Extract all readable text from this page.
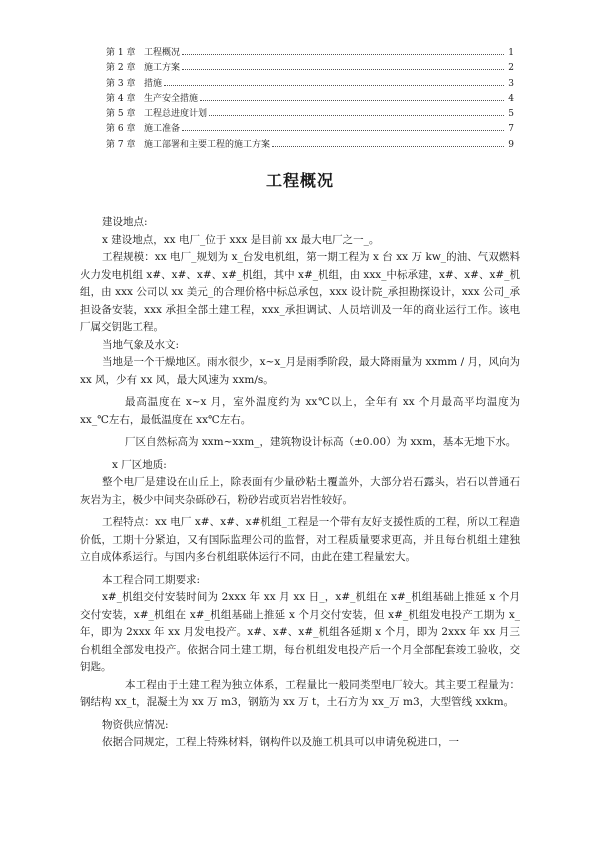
第 1 章 工程概况	1
第 2 章 施工方案	2
第 3 章 措施	3
第 4 章 生产安全措施	4
第 5 章 工程总进度计划	5
第 6 章 施工准备	7
第 7 章 施工部署和主要工程的施工方案	9
工程概况

建设地点:

x 建设地点，xx 电厂_位于 xxx 是目前 xx 最大电厂之一_。

工程规模：xx 电厂_规划为 x_台发电机组，第一期工程为 x 台 xx 万 kw_的油、气双燃料火力发电机组 x#、x#、x#、x#_机组，其中 x#_机组，由 xxx_中标承建，x#、x#、x#_机组，由 xxx 公司以 xx 美元_的合理价格中标总承包，xxx 设计院_承担勘探设计，xxx 公司_承担设备安装，xxx 承担全部土建工程，xxx_承担调试、人员培训及一年的商业运行工作。该电厂属交钥匙工程。

当地气象及水文:

当地是一个干燥地区。雨水很少，x~x_月是雨季阶段，最大降雨量为 xxmm / 月，风向为 xx 风，少有 xx 风，最大风速为 xxm/s。

最高温度在 x~x 月，室外温度约为 xx℃以上，全年有 xx 个月最高平均温度为 xx_℃左右，最低温度在 xx℃左右。

厂区自然标高为 xxm~xxm_，建筑物设计标高（±0.00）为 xxm，基本无地下水。

x 厂区地质:

整个电厂是建设在山丘上，除表面有少量砂粘土覆盖外，大部分岩石露头，岩石以普通石灰岩为主，极少中间夹杂砾砂石，粉砂岩或页岩岩性较好。

工程特点：xx 电厂 x#、x#、x#机组_工程是一个带有友好支援性质的工程，所以工程造价低，工期十分紧迫，又有国际监理公司的监督，对工程质量要求更高，并且每台机组土建独立自成体系运行。与国内多台机组联体运行不同，由此在建工程量宏大。

本工程合同工期要求:

x#_机组交付安装时间为 2xxx 年 xx 月 xx 日_，x#_机组在 x#_机组基础上推延 x 个月交付安装，x#_机组在 x#_机组基础上推延 x 个月交付安装，但 x#_机组发电投产工期为 x_年，即为 2xxx 年 xx 月发电投产。x#、x#、x#_机组各延期 x 个月，即为 2xxx 年 xx 月三台机组全部发电投产。依据合同土建工期，每台机组发电投产后一个月全部配套竣工验收，交钥匙。

本工程由于土建工程为独立体系，工程量比一般同类型电厂较大。其主要工程量为：钢结构 xx_t，混凝土为 xx 万 m3，钢筋为 xx 万 t，土石方为 xx_万 m3，大型管线 xxkm。

物资供应情况:

依据合同规定，工程上特殊材料，钢构件以及施工机具可以申请免税进口，一
